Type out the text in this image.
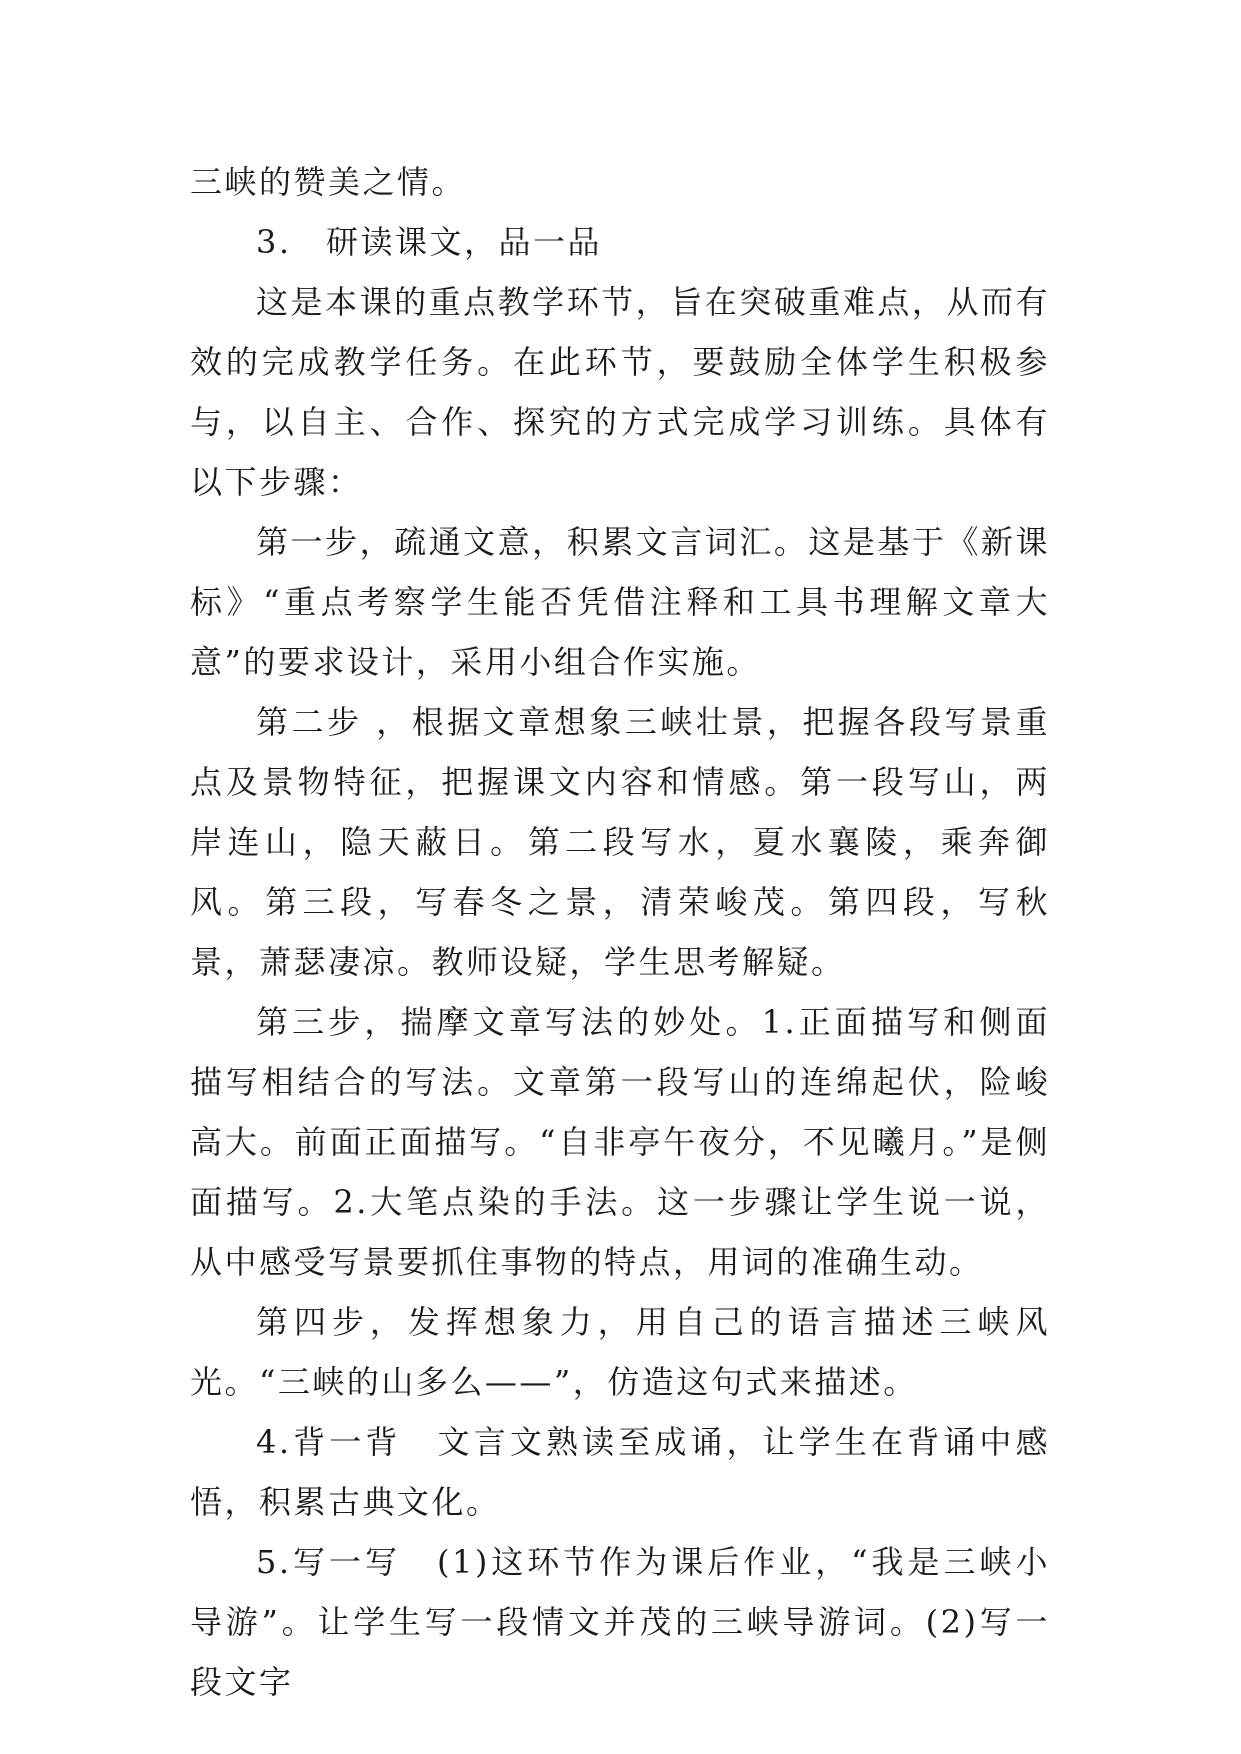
三峡的赞美之情。

3.　研读课文，品一品

这是本课的重点教学环节，旨在突破重难点，从而有效的完成教学任务。在此环节，要鼓励全体学生积极参与，以自主、合作、探究的方式完成学习训练。具体有以下步骤：

第一步，疏通文意，积累文言词汇。这是基于《新课标》“重点考察学生能否凭借注释和工具书理解文章大意”的要求设计，采用小组合作实施。

第二步 ，根据文章想象三峡壮景，把握各段写景重点及景物特征，把握课文内容和情感。第一段写山，两岸连山，隐天蔽日。第二段写水，夏水襄陵，乘奔御风。第三段，写春冬之景，清荣峻茂。第四段，写秋景，萧瑟凄凉。教师设疑，学生思考解疑。

第三步，揣摩文章写法的妙处。1.正面描写和侧面描写相结合的写法。文章第一段写山的连绵起伏，险峻高大。前面正面描写。“自非亭午夜分，不见曦月。”是侧面描写。2.大笔点染的手法。这一步骤让学生说一说，从中感受写景要抓住事物的特点，用词的准确生动。

第四步，发挥想象力，用自己的语言描述三峡风光。“三峡的山多么——”，仿造这句式来描述。

4.背一背　文言文熟读至成诵，让学生在背诵中感悟，积累古典文化。

5.写一写　(1)这环节作为课后作业，“我是三峡小导游”。让学生写一段情文并茂的三峡导游词。(2)写一段文字
